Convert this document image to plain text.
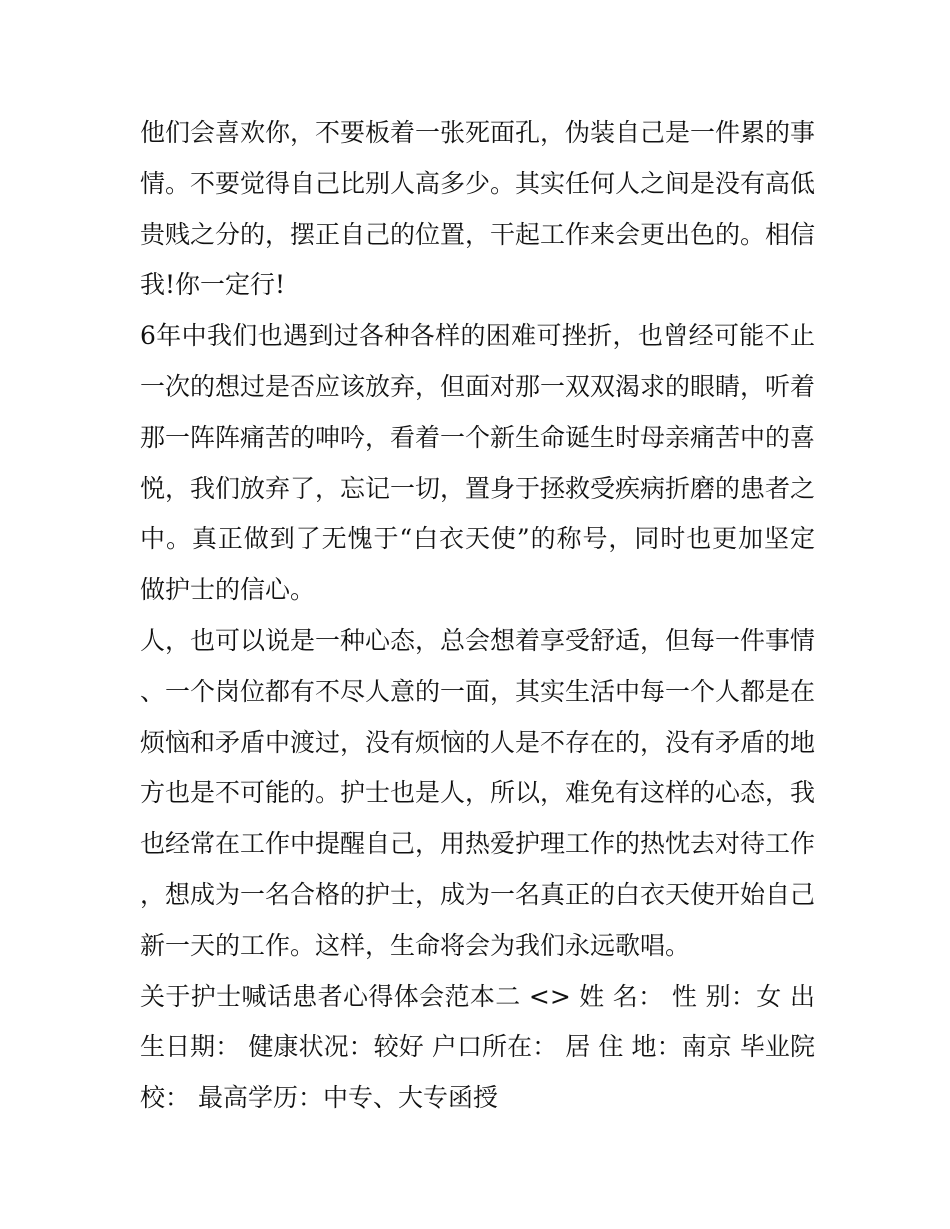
他们会喜欢你，不要板着一张死面孔，伪装自己是一件累的事情。不要觉得自己比别人高多少。其实任何人之间是没有高低贵贱之分的，摆正自己的位置，干起工作来会更出色的。相信我!你一定行!

6年中我们也遇到过各种各样的困难可挫折，也曾经可能不止一次的想过是否应该放弃，但面对那一双双渴求的眼睛，听着那一阵阵痛苦的呻吟，看着一个新生命诞生时母亲痛苦中的喜悦，我们放弃了，忘记一切，置身于拯救受疾病折磨的患者之中。真正做到了无愧于“白衣天使”的称号，同时也更加坚定做护士的信心。

人，也可以说是一种心态，总会想着享受舒适，但每一件事情、一个岗位都有不尽人意的一面，其实生活中每一个人都是在烦恼和矛盾中渡过，没有烦恼的人是不存在的，没有矛盾的地方也是不可能的。护士也是人，所以，难免有这样的心态，我也经常在工作中提醒自己，用热爱护理工作的热忱去对待工作，想成为一名合格的护士，成为一名真正的白衣天使开始自己新一天的工作。这样，生命将会为我们永远歌唱。

关于护士喊话患者心得体会范本二 <> 姓 名： 性 别：女 出生日期： 健康状况：较好 户口所在： 居 住 地：南京 毕业院校： 最高学历：中专、大专函授
